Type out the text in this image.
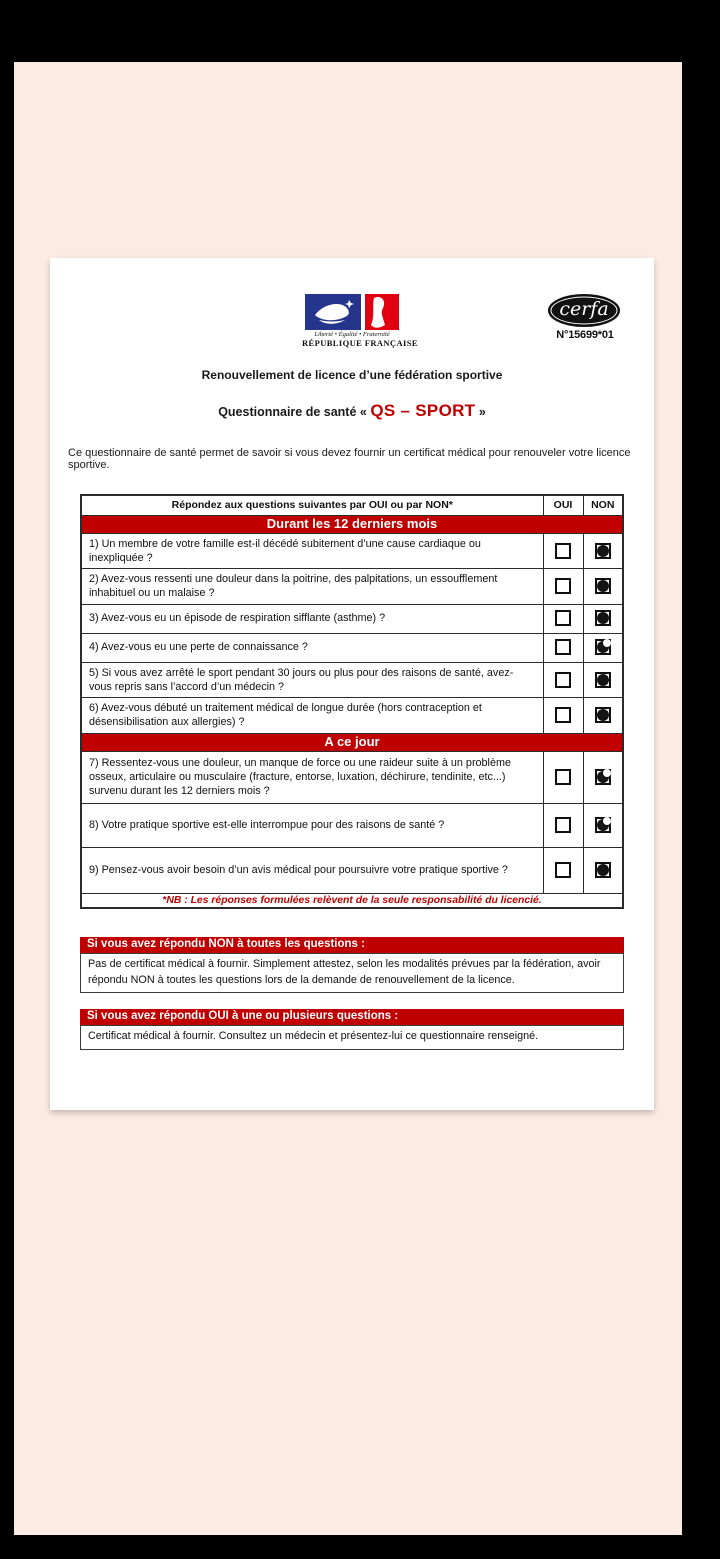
Liberté • Égalité • Fraternité
RÉPUBLIQUE FRANÇAISE
cerfa
N°15699*01
Renouvellement de licence d’une fédération sportive
Questionnaire de santé « QS – SPORT »
Ce questionnaire de santé permet de savoir si vous devez fournir un certificat médical pour renouveler votre licence sportive.
Répondez aux questions suivantes par OUI ou par NON*	OUI	NON
Durant les 12 derniers mois		
1) Un membre de votre famille est-il décédé subitement d’une cause cardiaque ou inexpliquée ?		
2) Avez-vous ressenti une douleur dans la poitrine, des palpitations, un essoufflement inhabituel ou un malaise ?		
3) Avez-vous eu un épisode de respiration sifflante (asthme) ?		
4) Avez-vous eu une perte de connaissance ?		
5) Si vous avez arrêté le sport pendant 30 jours ou plus pour des raisons de santé, avez-vous repris sans l’accord d’un médecin ?		
6) Avez-vous débuté un traitement médical de longue durée (hors contraception et désensibilisation aux allergies) ?		
A ce jour		
7) Ressentez-vous une douleur, un manque de force ou une raideur suite à un problème osseux, articulaire ou musculaire (fracture, entorse, luxation, déchirure, tendinite, etc...) survenu durant les 12 derniers mois ?		
8) Votre pratique sportive est-elle interrompue pour des raisons de santé ?		
9) Pensez-vous avoir besoin d’un avis médical pour poursuivre votre pratique sportive ?		
*NB : Les réponses formulées relèvent de la seule responsabilité du licencié.		
Si vous avez répondu NON à toutes les questions :
Pas de certificat médical à fournir. Simplement attestez, selon les modalités prévues par la fédération, avoir répondu NON à toutes les questions lors de la demande de renouvellement de la licence.
Si vous avez répondu OUI à une ou plusieurs questions :
Certificat médical à fournir. Consultez un médecin et présentez-lui ce questionnaire renseigné.
